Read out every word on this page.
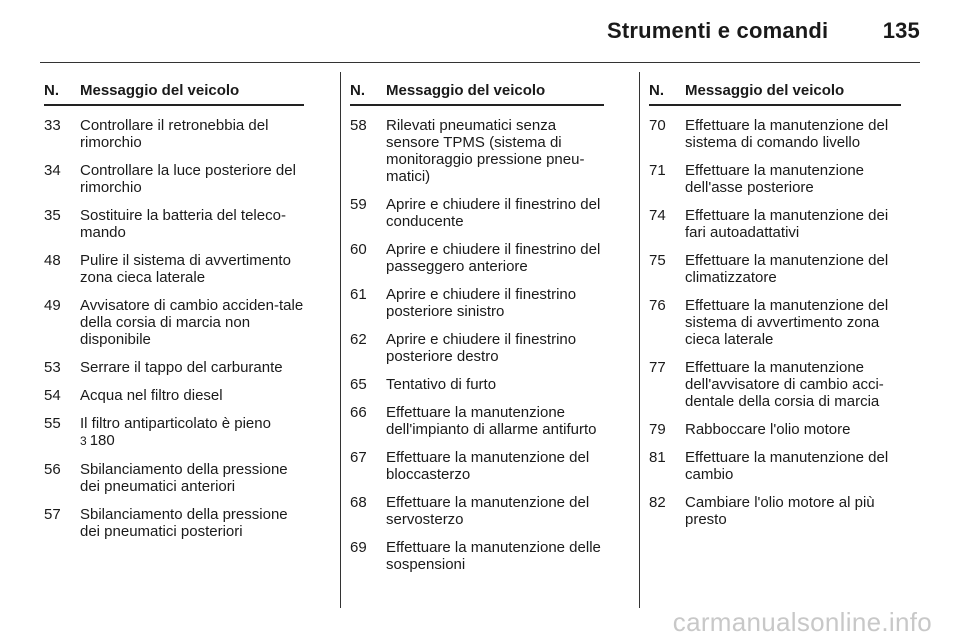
Strumenti e comandi 135
N.	Messaggio del veicolo
33	Controllare il retronebbia del rimorchio
34	Controllare la luce posteriore del rimorchio
35	Sostituire la batteria del teleco-mando
48	Pulire il sistema di avvertimento zona cieca laterale
49	Avvisatore di cambio acciden-tale della corsia di marcia non disponibile
53	Serrare il tappo del carburante
54	Acqua nel filtro diesel
55	Il filtro antiparticolato è pieno
3 180
56	Sbilanciamento della pressione dei pneumatici anteriori
57	Sbilanciamento della pressione dei pneumatici posteriori
N.	Messaggio del veicolo
58	Rilevati pneumatici senza sensore TPMS (sistema di monitoraggio pressione pneu-matici)
59	Aprire e chiudere il finestrino del conducente
60	Aprire e chiudere il finestrino del passeggero anteriore
61	Aprire e chiudere il finestrino posteriore sinistro
62	Aprire e chiudere il finestrino posteriore destro
65	Tentativo di furto
66	Effettuare la manutenzione dell'impianto di allarme antifurto
67	Effettuare la manutenzione del bloccasterzo
68	Effettuare la manutenzione del servosterzo
69	Effettuare la manutenzione delle sospensioni
N.	Messaggio del veicolo
70	Effettuare la manutenzione del sistema di comando livello
71	Effettuare la manutenzione dell'asse posteriore
74	Effettuare la manutenzione dei fari autoadattativi
75	Effettuare la manutenzione del climatizzatore
76	Effettuare la manutenzione del sistema di avvertimento zona cieca laterale
77	Effettuare la manutenzione dell'avvisatore di cambio acci-dentale della corsia di marcia
79	Rabboccare l'olio motore
81	Effettuare la manutenzione del cambio
82	Cambiare l'olio motore al più presto
carmanualsonline.info
